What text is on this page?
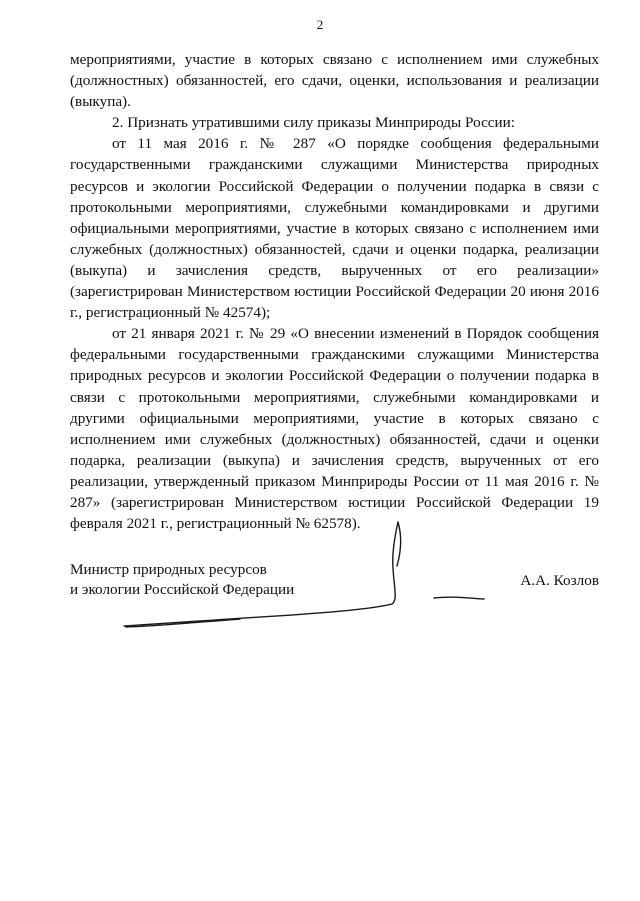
2

мероприятиями, участие в которых связано с исполнением ими служебных (должностных) обязанностей, его сдачи, оценки, использования и реализации (выкупа).

2. Признать утратившими силу приказы Минприроды России:

от 11 мая 2016 г. № 287 «О порядке сообщения федеральными государственными гражданскими служащими Министерства природных ресурсов и экологии Российской Федерации о получении подарка в связи с протокольными мероприятиями, служебными командировками и другими официальными мероприятиями, участие в которых связано с исполнением ими служебных (должностных) обязанностей, сдачи и оценки подарка, реализации (выкупа) и зачисления средств, вырученных от его реализации» (зарегистрирован Министерством юстиции Российской Федерации 20 июня 2016 г., регистрационный № 42574);

от 21 января 2021 г. № 29 «О внесении изменений в Порядок сообщения федеральными государственными гражданскими служащими Министерства природных ресурсов и экологии Российской Федерации о получении подарка в связи с протокольными мероприятиями, служебными командировками и другими официальными мероприятиями, участие в которых связано с исполнением ими служебных (должностных) обязанностей, сдачи и оценки подарка, реализации (выкупа) и зачисления средств, вырученных от его реализации, утвержденный приказом Минприроды России от 11 мая 2016 г. № 287» (зарегистрирован Министерством юстиции Российской Федерации 19 февраля 2021 г., регистрационный № 62578).

Министр природных ресурсов
и экологии Российской Федерации
А.А. Козлов
